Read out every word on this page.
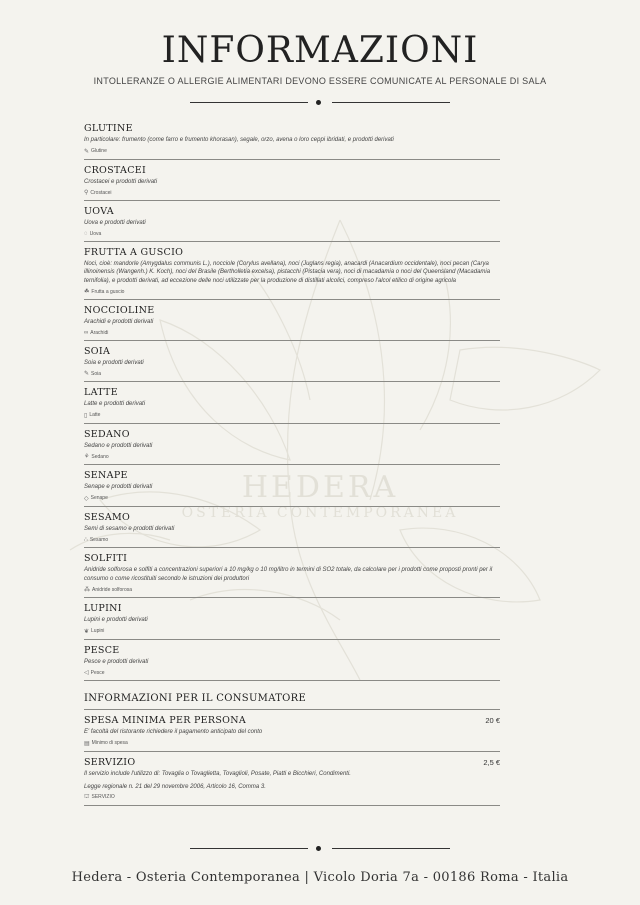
HEDERA
OSTERIA CONTEMPORANEA
INFORMAZIONI
INTOLLERANZE O ALLERGIE ALIMENTARI DEVONO ESSERE COMUNICATE AL PERSONALE DI SALA
GLUTINE
In particolare: frumento (come farro e frumento khorasan), segale, orzo, avena o loro ceppi ibridati, e prodotti derivati
✎ Glutine
CROSTACEI
Crostacei e prodotti derivati
⚲ Crostacei
UOVA
Uova e prodotti derivati
◌ Uova
FRUTTA A GUSCIO
Noci, cioè: mandorle (Amygdalus communis L.), nocciole (Corylus avellana), noci (Juglans regia), anacardi (Anacardium occidentale), noci pecan (Carya illinoinensis (Wangenh.) K. Koch), noci del Brasile (Bertholletia excelsa), pistacchi (Pistacia vera), noci di macadamia o noci del Queensland (Macadamia ternifolia), e prodotti derivati, ad eccezione delle noci utilizzate per la produzione di distillati alcolici, compreso l'alcol etilico di origine agricola
☘ Frutta a guscio
NOCCIOLINE
Arachidi e prodotti derivati
∞ Arachidi
SOIA
Soia e prodotti derivati
✎ Soia
LATTE
Latte e prodotti derivati
▯ Latte
SEDANO
Sedano e prodotti derivati
⚘ Sedano
SENAPE
Senape e prodotti derivati
◇ Senape
SESAMO
Semi di sesamo e prodotti derivati
∴ Sesamo
SOLFITI
Anidride solforosa e solfiti a concentrazioni superiori a 10 mg/kg o 10 mg/litro in termini di SO2 totale, da calcolare per i prodotti come proposti pronti per il consumo o come ricostituiti secondo le istruzioni dei produttori
⁂ Anidride solforosa
LUPINI
Lupini e prodotti derivati
❦ Lupini
PESCE
Pesce e prodotti derivati
◁ Pesce
INFORMAZIONI PER IL CONSUMATORE
SPESA MINIMA PER PERSONA	20 €
E' facoltà del ristorante richiedere il pagamento anticipato del conto
▤ Minimo di spesa
SERVIZIO	2,5 €
Il servizio include l'utilizzo di: Tovaglia o Tovaglietta, Tovaglioli, Posate, Piatti e Bicchieri, Condimenti.
Legge regionale n. 21 del 29 novembre 2006, Articolo 16, Comma 3.
⛫ SERVIZIO
Hedera - Osteria Contemporanea | Vicolo Doria 7a - 00186 Roma - Italia
